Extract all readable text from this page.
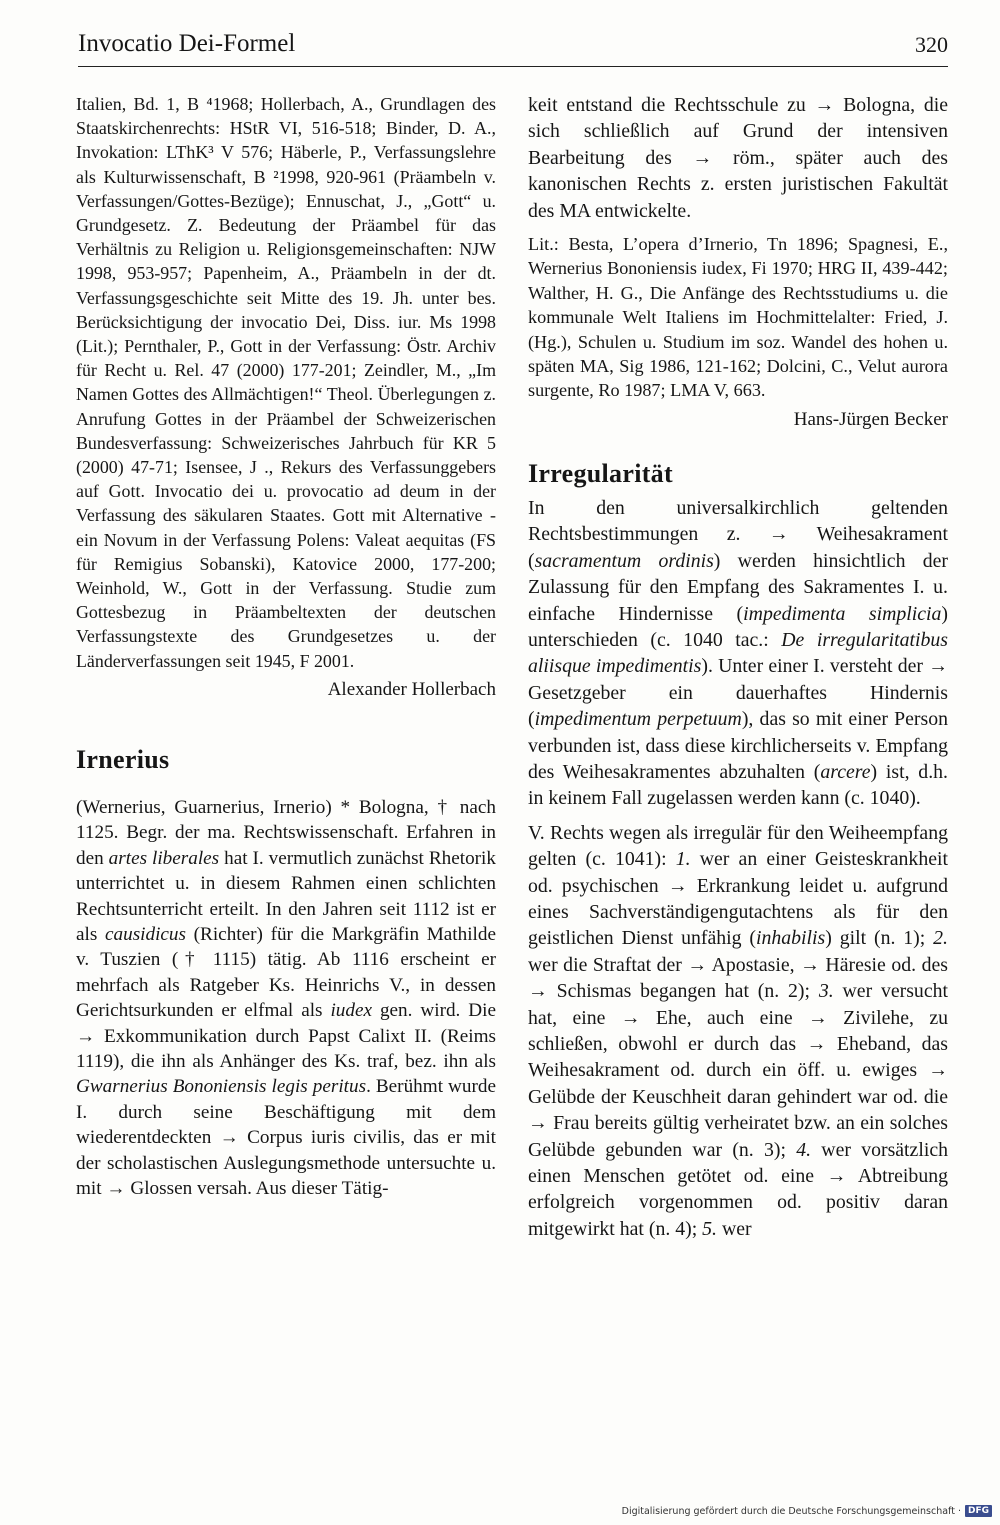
Invocatio Dei-Formel	320

Italien, Bd. 1, B ⁴1968; Hollerbach, A., Grundlagen des Staatskirchenrechts: HStR VI, 516-518; Binder, D. A., Invokation: LThK³ V 576; Häberle, P., Verfassungslehre als Kulturwissenschaft, B ²1998, 920-961 (Präambeln v. Verfassungen/Gottes-Bezüge); Ennuschat, J., „Gott“ u. Grundgesetz. Z. Bedeutung der Präambel für das Verhältnis zu Religion u. Religionsgemeinschaften: NJW 1998, 953-957; Papenheim, A., Präambeln in der dt. Verfassungsgeschichte seit Mitte des 19. Jh. unter bes. Berücksichtigung der invocatio Dei, Diss. iur. Ms 1998 (Lit.); Pernthaler, P., Gott in der Verfassung: Östr. Archiv für Recht u. Rel. 47 (2000) 177-201; Zeindler, M., „Im Namen Gottes des Allmächtigen!“ Theol. Überlegungen z. Anrufung Gottes in der Präambel der Schweizerischen Bundesverfassung: Schweizerisches Jahrbuch für KR 5 (2000) 47-71; Isensee, J ., Rekurs des Verfassunggebers auf Gott. Invocatio dei u. provocatio ad deum in der Verfassung des säkularen Staates. Gott mit Alternative - ein Novum in der Verfassung Polens: Valeat aequitas (FS für Remigius Sobanski), Katovice 2000, 177-200; Weinhold, W., Gott in der Verfassung. Studie zum Gottesbezug in Präambeltexten der deutschen Verfassungstexte des Grundgesetzes u. der Länderverfassungen seit 1945, F 2001.

Alexander Hollerbach

Irnerius

(Wernerius, Guarnerius, Irnerio) * Bologna, † nach 1125. Begr. der ma. Rechtswissenschaft. Erfahren in den artes liberales hat I. vermutlich zunächst Rhetorik unterrichtet u. in diesem Rahmen einen schlichten Rechtsunterricht erteilt. In den Jahren seit 1112 ist er als causidicus (Richter) für die Markgräfin Mathilde v. Tuszien († 1115) tätig. Ab 1116 erscheint er mehrfach als Ratgeber Ks. Heinrichs V., in dessen Gerichtsurkunden er elfmal als iudex gen. wird. Die → Exkommunikation durch Papst Calixt II. (Reims 1119), die ihn als Anhänger des Ks. traf, bez. ihn als Gwarnerius Bononiensis legis peritus. Berühmt wurde I. durch seine Beschäftigung mit dem wiederentdeckten → Corpus iuris civilis, das er mit der scholastischen Auslegungsmethode untersuchte u. mit → Glossen versah. Aus dieser Tätig-

keit entstand die Rechtsschule zu → Bologna, die sich schließlich auf Grund der intensiven Bearbeitung des → röm., später auch des kanonischen Rechts z. ersten juristischen Fakultät des MA entwickelte.

Lit.: Besta, L’opera d’Irnerio, Tn 1896; Spagnesi, E., Wernerius Bononiensis iudex, Fi 1970; HRG II, 439-442; Walther, H. G., Die Anfänge des Rechtsstudiums u. die kommunale Welt Italiens im Hochmittelalter: Fried, J. (Hg.), Schulen u. Studium im soz. Wandel des hohen u. späten MA, Sig 1986, 121-162; Dolcini, C., Velut aurora surgente, Ro 1987; LMA V, 663.

Hans-Jürgen Becker

Irregularität

In den universalkirchlich geltenden Rechtsbestimmungen z. → Weihesakrament (sacramentum ordinis) werden hinsichtlich der Zulassung für den Empfang des Sakramentes I. u. einfache Hindernisse (impedimenta simplicia) unterschieden (c. 1040 tac.: De irregularitatibus aliisque impedimentis). Unter einer I. versteht der → Gesetzgeber ein dauerhaftes Hindernis (impedimentum perpetuum), das so mit einer Person verbunden ist, dass diese kirchlicherseits v. Empfang des Weihesakramentes abzuhalten (arcere) ist, d.h. in keinem Fall zugelassen werden kann (c. 1040).

V. Rechts wegen als irregulär für den Weiheempfang gelten (c. 1041): 1. wer an einer Geisteskrankheit od. psychischen → Erkrankung leidet u. aufgrund eines Sachverständigengutachtens als für den geistlichen Dienst unfähig (inhabilis) gilt (n. 1); 2. wer die Straftat der → Apostasie, → Häresie od. des → Schismas begangen hat (n. 2); 3. wer versucht hat, eine → Ehe, auch eine → Zivilehe, zu schließen, obwohl er durch das → Eheband, das Weihesakrament od. durch ein öff. u. ewiges → Gelübde der Keuschheit daran gehindert war od. die → Frau bereits gültig verheiratet bzw. an ein solches Gelübde gebunden war (n. 3); 4. wer vorsätzlich einen Menschen getötet od. eine → Abtreibung erfolgreich vorgenommen od. positiv daran mitgewirkt hat (n. 4); 5. wer

Digitalisierung gefördert durch die Deutsche Forschungsgemeinschaft · DFG
